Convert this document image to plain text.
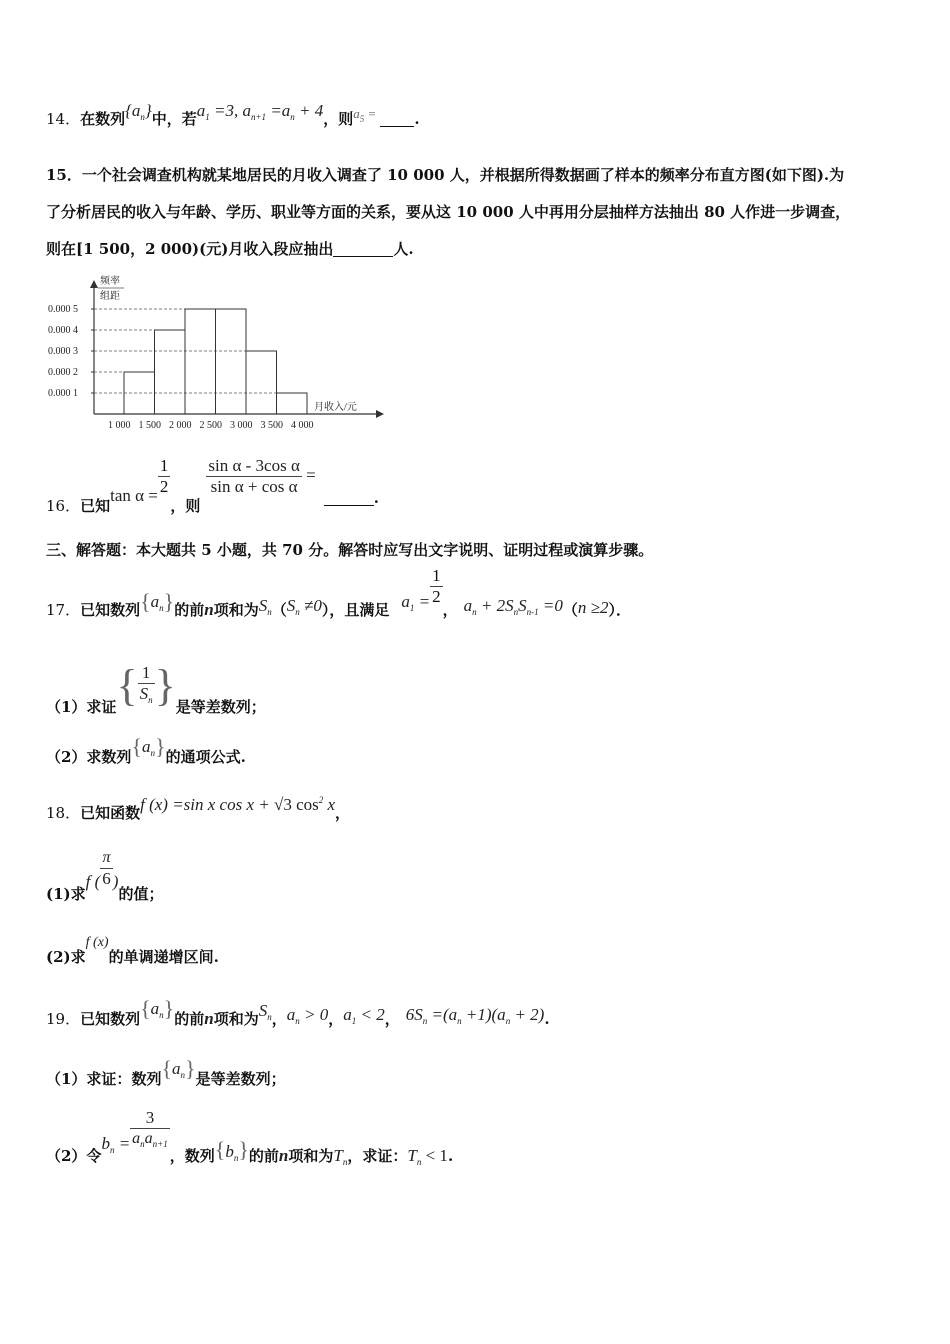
14．在数列$\{a_n\}$中，若$a_1 =3$, $a_{n+1} =a_n + 4$，则$a_5$ =	.
15．一个社会调查机构就某地居民的月收入调查了 10 000 人，并根据所得数据画了样本的频率分布直方图(如下图).为
了分析居民的收入与年龄、学历、职业等方面的关系，要从这 10 000 人中再用分层抽样方法抽出 80 人作进一步调查，
则在[1 500，2 000)(元)月收入段应抽出	人.
频率
组距
0.000 1
0.000 2
0.000 3
0.000 4
0.000 5
1 000 1 500 2 000 2 500 3 000 3 500 4 000
月收入/元
16．已知$\tan \alpha = \frac{1}{2}$
，则
$\frac{\text{sin α - 3cos α}}{\text{sin α + cos α}}$ =.
三、解答题：本大题共 5 小题，共 70 分。解答时应写出文字说明、证明过程或演算步骤。
17．已知数列$\{a_n\}$的前n项和为$S_n(S_n \ne 0)$，且满足 $a_1 = \frac{1}{2}$
， $a_n + 2S_nS_{n-1} =0(n \ge 2)$．
（1）求证{ $\frac{1}{S_n}$ }是等差数列；
（2）求数列$\{a_n\}$的通项公式.
18．已知函数f (x) =sin x cos x + √3 $\cos^2 x$，
(1)求f ( $\frac{\pi}{6}$ )的值；
(2)求f (x)的单调递增区间.
19．已知数列$\{a_n\}$的前n项和为$S_n$，$a_n > 0$，$a_1 < 2$， $6S_n =(a_n +1)(a_n + 2)$.
（1）求证：数列$\{a_n\}$是等差数列；
（2）令$b_n = \frac{3}{a_na_{n+1}}$
，数列$\{b_n\}$的前n项和为$T_n$，求证：$T_n < 1$.
